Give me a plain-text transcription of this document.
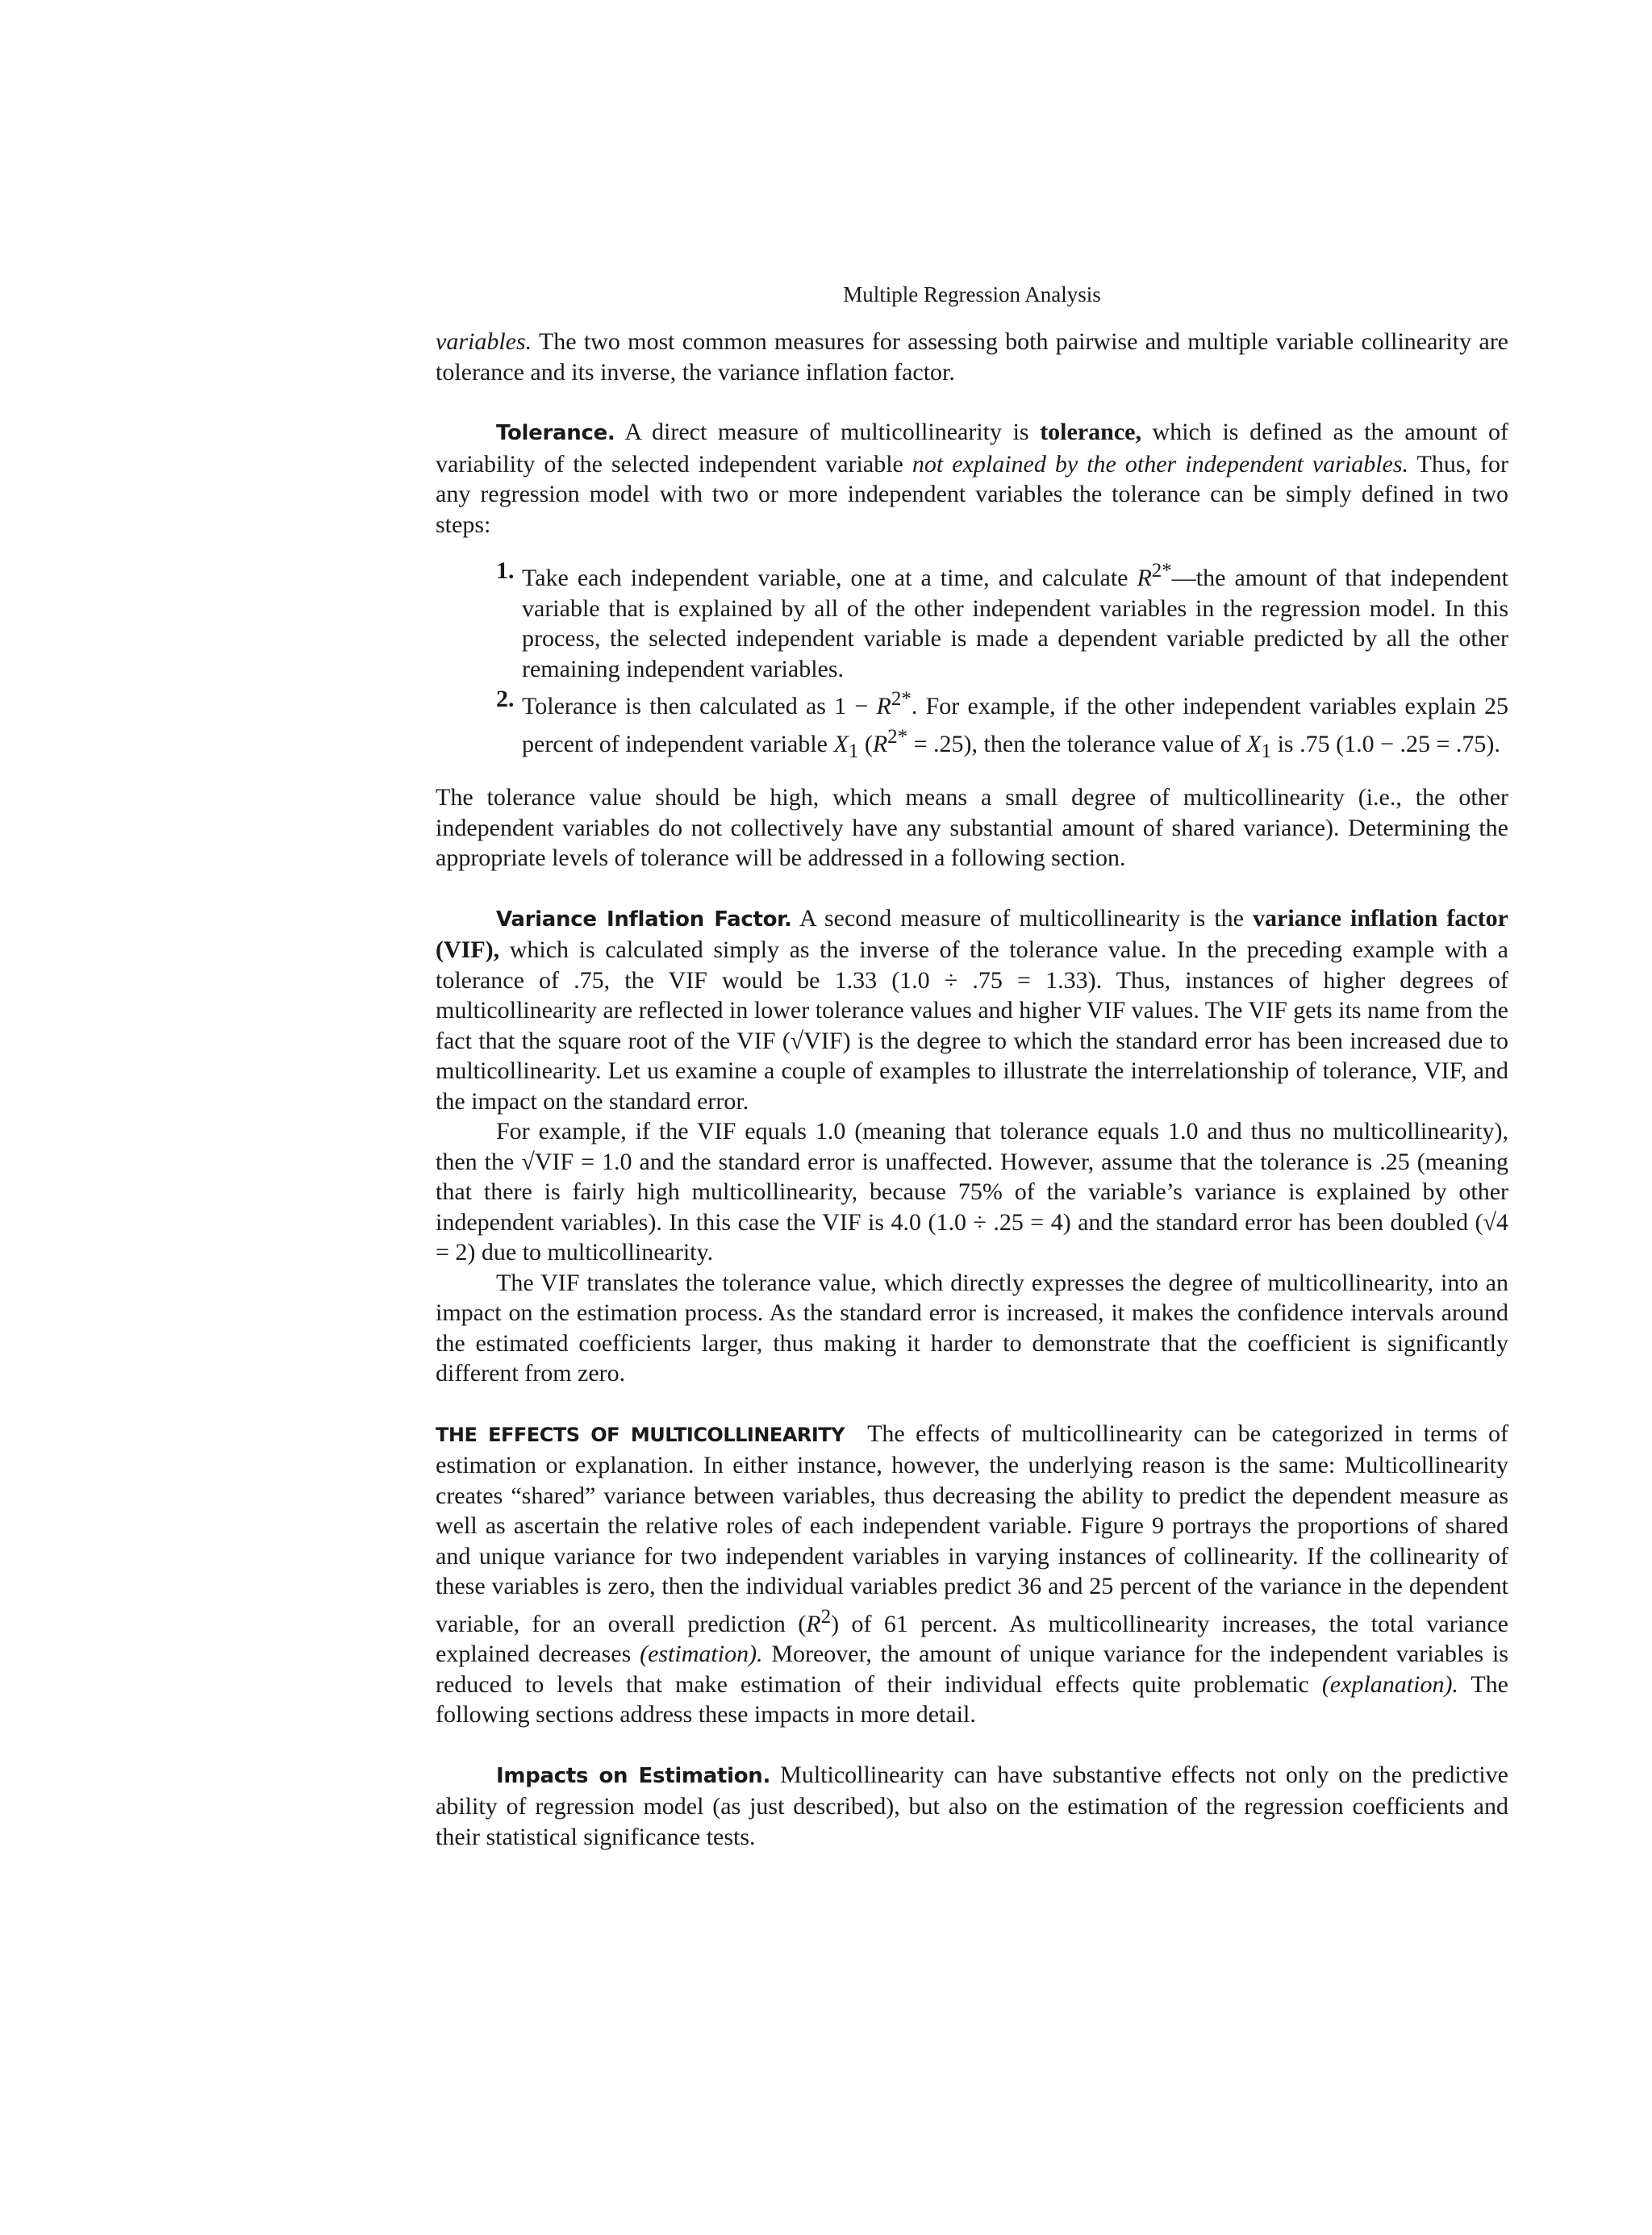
Multiple Regression Analysis

variables. The two most common measures for assessing both pairwise and multiple variable collinearity are tolerance and its inverse, the variance inflation factor.

Tolerance. A direct measure of multicollinearity is tolerance, which is defined as the amount of variability of the selected independent variable not explained by the other independent variables. Thus, for any regression model with two or more independent variables the tolerance can be simply defined in two steps:

1. Take each independent variable, one at a time, and calculate $R^{2*}—the$ amount of that independent variable that is explained by all of the other independent variables in the regression model. In this process, the selected independent variable is made a dependent variable predicted by all the other remaining independent variables.
2. Tolerance is then calculated as $1 - R^{2*}$. For example, if the other independent variables explain 25 percent of independent variable $X_1$ $(R^{2*} = .25)$, then the tolerance value of $X_1$ is .75 (1.0 − .25 = .75).

The tolerance value should be high, which means a small degree of multicollinearity (i.e., the other independent variables do not collectively have any substantial amount of shared variance). Determining the appropriate levels of tolerance will be addressed in a following section.

Variance Inflation Factor. A second measure of multicollinearity is the variance inflation factor (VIF), which is calculated simply as the inverse of the tolerance value. In the preceding example with a tolerance of .75, the VIF would be 1.33 (1.0 ÷ .75 = 1.33). Thus, instances of higher degrees of multicollinearity are reflected in lower tolerance values and higher VIF values. The VIF gets its name from the fact that the square root of the VIF (√VIF) is the degree to which the standard error has been increased due to multicollinearity. Let us examine a couple of examples to illustrate the interrelationship of tolerance, VIF, and the impact on the standard error.

For example, if the VIF equals 1.0 (meaning that tolerance equals 1.0 and thus no multicollinearity), then the √VIF = 1.0 and the standard error is unaffected. However, assume that the tolerance is .25 (meaning that there is fairly high multicollinearity, because 75% of the variable’s variance is explained by other independent variables). In this case the VIF is 4.0 (1.0 ÷ .25 = 4) and the standard error has been doubled (√4 = 2) due to multicollinearity.

The VIF translates the tolerance value, which directly expresses the degree of multicollinearity, into an impact on the estimation process. As the standard error is increased, it makes the confidence intervals around the estimated coefficients larger, thus making it harder to demonstrate that the coefficient is significantly different from zero.

THE EFFECTS OF MULTICOLLINEARITY The effects of multicollinearity can be categorized in terms of estimation or explanation. In either instance, however, the underlying reason is the same: Multicollinearity creates “shared” variance between variables, thus decreasing the ability to predict the dependent measure as well as ascertain the relative roles of each independent variable. Figure 9 portrays the proportions of shared and unique variance for two independent variables in varying instances of collinearity. If the collinearity of these variables is zero, then the individual variables predict 36 and 25 percent of the variance in the dependent variable, for an overall prediction $(R^2)$ of 61 percent. As multicollinearity increases, the total variance explained decreases (estimation). Moreover, the amount of unique variance for the independent variables is reduced to levels that make estimation of their individual effects quite problematic (explanation). The following sections address these impacts in more detail.

Impacts on Estimation. Multicollinearity can have substantive effects not only on the predictive ability of regression model (as just described), but also on the estimation of the regression coefficients and their statistical significance tests.
